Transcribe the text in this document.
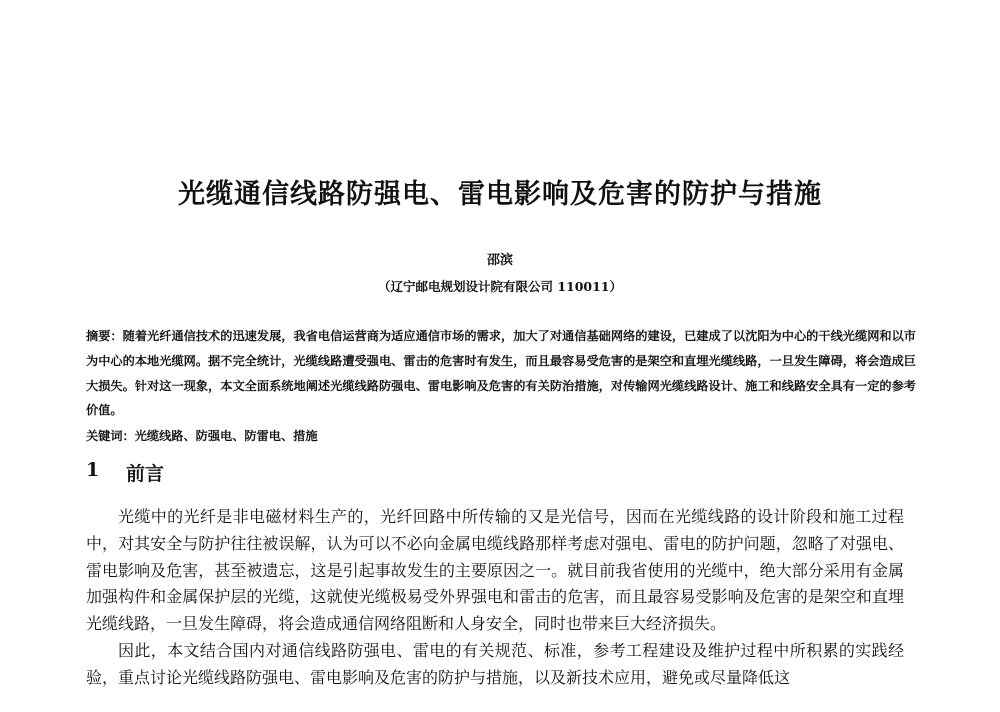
光缆通信线路防强电、雷电影响及危害的防护与措施
邵滨
（辽宁邮电规划设计院有限公司 110011）

摘要：随着光纤通信技术的迅速发展，我省电信运营商为适应通信市场的需求，加大了对通信基础网络的建设，已建成了以沈阳为中心的干线光缆网和以市为中心的本地光缆网。据不完全统计，光缆线路遭受强电、雷击的危害时有发生，而且最容易受危害的是架空和直埋光缆线路，一旦发生障碍，将会造成巨大损失。针对这一现象，本文全面系统地阐述光缆线路防强电、雷电影响及危害的有关防治措施，对传输网光缆线路设计、施工和线路安全具有一定的参考价值。

关键词：光缆线路、防强电、防雷电、措施
1	前言

光缆中的光纤是非电磁材料生产的，光纤回路中所传输的又是光信号，因而在光缆线路的设计阶段和施工过程中，对其安全与防护往往被误解，认为可以不必向金属电缆线路那样考虑对强电、雷电的防护问题，忽略了对强电、雷电影响及危害，甚至被遗忘，这是引起事故发生的主要原因之一。就目前我省使用的光缆中，绝大部分采用有金属加强构件和金属保护层的光缆，这就使光缆极易受外界强电和雷击的危害，而且最容易受影响及危害的是架空和直埋光缆线路，一旦发生障碍，将会造成通信网络阻断和人身安全，同时也带来巨大经济损失。

因此，本文结合国内对通信线路防强电、雷电的有关规范、标准，参考工程建设及维护过程中所积累的实践经验，重点讨论光缆线路防强电、雷电影响及危害的防护与措施，以及新技术应用，避免或尽量降低这
